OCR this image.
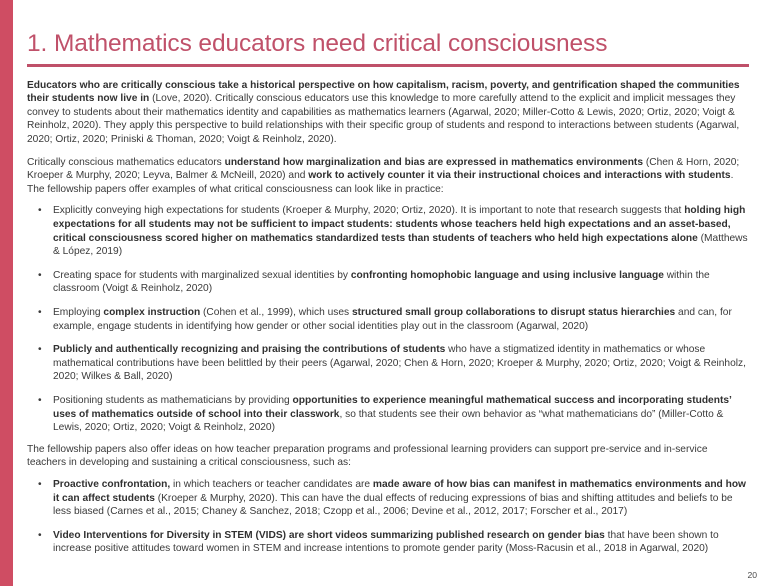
1. Mathematics educators need critical consciousness

Educators who are critically conscious take a historical perspective on how capitalism, racism, poverty, and gentrification shaped the communities their students now live in (Love, 2020). Critically conscious educators use this knowledge to more carefully attend to the explicit and implicit messages they convey to students about their mathematics identity and capabilities as mathematics learners (Agarwal, 2020; Miller-Cotto & Lewis, 2020; Ortiz, 2020; Voigt & Reinholz, 2020). They apply this perspective to build relationships with their specific group of students and respond to interactions between students (Agarwal, 2020; Ortiz, 2020; Priniski & Thoman, 2020; Voigt & Reinholz, 2020).

Critically conscious mathematics educators understand how marginalization and bias are expressed in mathematics environments (Chen & Horn, 2020; Kroeper & Murphy, 2020; Leyva, Balmer & McNeill, 2020) and work to actively counter it via their instructional choices and interactions with students. The fellowship papers offer examples of what critical consciousness can look like in practice:

• Explicitly conveying high expectations for students (Kroeper & Murphy, 2020; Ortiz, 2020). It is important to note that research suggests that holding high expectations for all students may not be sufficient to impact students: students whose teachers held high expectations and an asset-based, critical consciousness scored higher on mathematics standardized tests than students of teachers who held high expectations alone (Matthews & López, 2019)
• Creating space for students with marginalized sexual identities by confronting homophobic language and using inclusive language within the classroom (Voigt & Reinholz, 2020)
• Employing complex instruction (Cohen et al., 1999), which uses structured small group collaborations to disrupt status hierarchies and can, for example, engage students in identifying how gender or other social identities play out in the classroom (Agarwal, 2020)
• Publicly and authentically recognizing and praising the contributions of students who have a stigmatized identity in mathematics or whose mathematical contributions have been belittled by their peers (Agarwal, 2020; Chen & Horn, 2020; Kroeper & Murphy, 2020; Ortiz, 2020; Voigt & Reinholz, 2020; Wilkes & Ball, 2020)
• Positioning students as mathematicians by providing opportunities to experience meaningful mathematical success and incorporating students’ uses of mathematics outside of school into their classwork, so that students see their own behavior as “what mathematicians do” (Miller-Cotto & Lewis, 2020; Ortiz, 2020; Voigt & Reinholz, 2020)

The fellowship papers also offer ideas on how teacher preparation programs and professional learning providers can support pre-service and in-service teachers in developing and sustaining a critical consciousness, such as:

• Proactive confrontation, in which teachers or teacher candidates are made aware of how bias can manifest in mathematics environments and how it can affect students (Kroeper & Murphy, 2020). This can have the dual effects of reducing expressions of bias and shifting attitudes and beliefs to be less biased (Carnes et al., 2015; Chaney & Sanchez, 2018; Czopp et al., 2006; Devine et al., 2012, 2017; Forscher et al., 2017)
• Video Interventions for Diversity in STEM (VIDS) are short videos summarizing published research on gender bias that have been shown to increase positive attitudes toward women in STEM and increase intentions to promote gender parity (Moss-Racusin et al., 2018 in Agarwal, 2020)
20
